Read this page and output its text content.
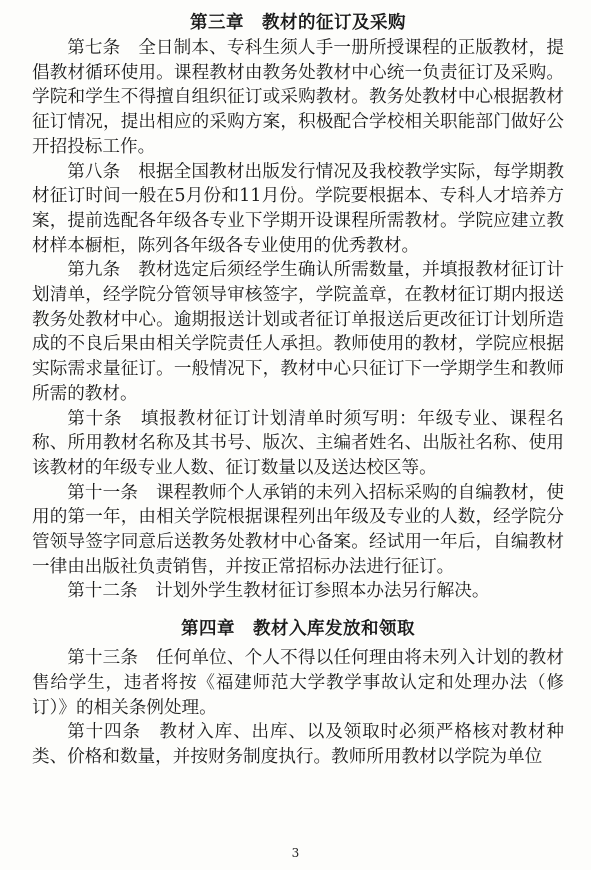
第三章　教材的征订及采购

第七条　 全日制本、专科生须人手一册所授课程的正版教材，提倡教材循环使用。课程教材由教务处教材中心统一负责征订及采购。学院和学生不得擅自组织征订或采购教材。教务处教材中心根据教材征订情况，提出相应的采购方案，积极配合学校相关职能部门做好公开招投标工作。

第八条　 根据全国教材出版发行情况及我校教学实际，每学期教材征订时间一般在5月份和11月份。学院要根据本、专科人才培养方案，提前选配各年级各专业下学期开设课程所需教材。学院应建立教材样本橱柜，陈列各年级各专业使用的优秀教材。

第九条　 教材选定后须经学生确认所需数量，并填报教材征订计划清单，经学院分管领导审核签字，学院盖章，在教材征订期内报送教务处教材中心。逾期报送计划或者征订单报送后更改征订计划所造成的不良后果由相关学院责任人承担。教师使用的教材，学院应根据实际需求量征订。一般情况下，教材中心只征订下一学期学生和教师所需的教材。

第十条　 填报教材征订计划清单时须写明：年级专业、课程名称、所用教材名称及其书号、版次、主编者姓名、出版社名称、使用该教材的年级专业人数、征订数量以及送达校区等。

第十一条　 课程教师个人承销的未列入招标采购的自编教材，使用的第一年，由相关学院根据课程列出年级及专业的人数，经学院分管领导签字同意后送教务处教材中心备案。经试用一年后，自编教材一律由出版社负责销售，并按正常招标办法进行征订。

第十二条　 计划外学生教材征订参照本办法另行解决。

第四章　教材入库发放和领取

第十三条　 任何单位、个人不得以任何理由将未列入计划的教材售给学生，违者将按《福建师范大学教学事故认定和处理办法（修订）》的相关条例处理。

第十四条　 教材入库、出库、以及领取时必须严格核对教材种类、价格和数量，并按财务制度执行。教师所用教材以学院为单位

3
